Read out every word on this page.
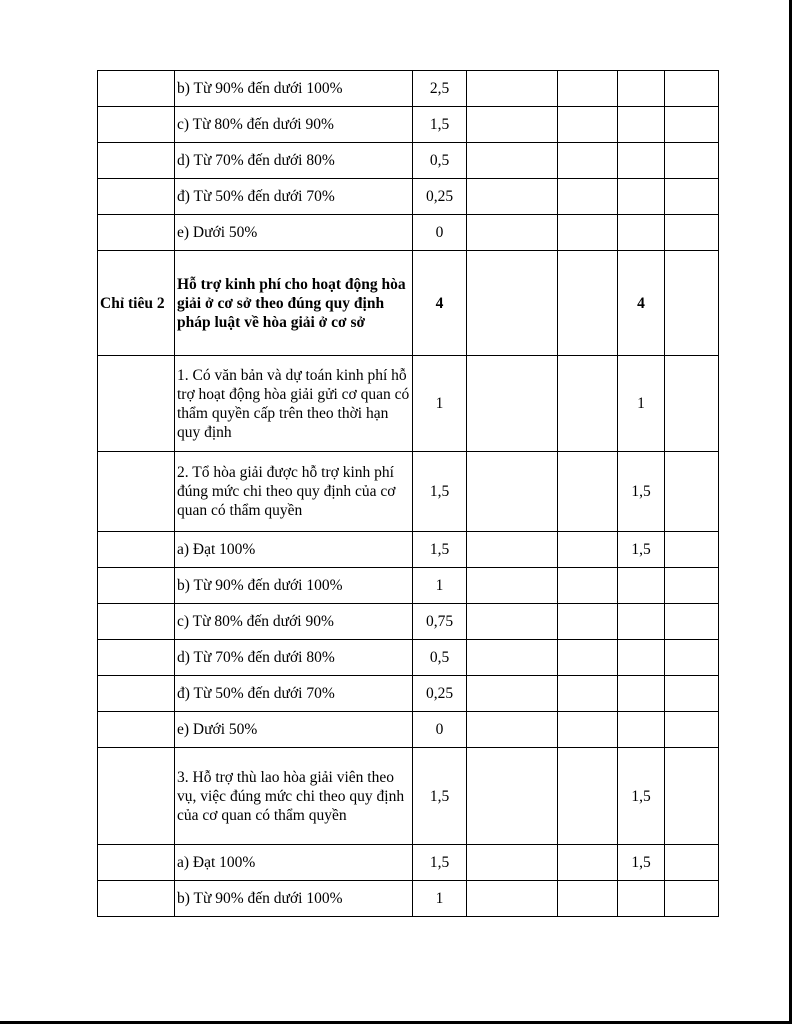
	b) Từ 90% đến dưới 100%	2,5				
	c) Từ 80% đến dưới 90%	1,5				
	d) Từ 70% đến dưới 80%	0,5				
	đ) Từ 50% đến dưới 70%	0,25				
	e) Dưới 50%	0				
Chỉ tiêu 2	Hỗ trợ kinh phí cho hoạt động hòa giải ở cơ sở theo đúng quy định pháp luật về hòa giải ở cơ sở	4			4	
	1. Có văn bản và dự toán kinh phí hỗ trợ hoạt động hòa giải gửi cơ quan có thẩm quyền cấp trên theo thời hạn quy định	1			1	
	2. Tổ hòa giải được hỗ trợ kinh phí đúng mức chi theo quy định của cơ quan có thẩm quyền	1,5			1,5	
	a) Đạt 100%	1,5			1,5	
	b) Từ 90% đến dưới 100%	1				
	c) Từ 80% đến dưới 90%	0,75				
	d) Từ 70% đến dưới 80%	0,5				
	đ) Từ 50% đến dưới 70%	0,25				
	e) Dưới 50%	0				
	3. Hỗ trợ thù lao hòa giải viên theo vụ, việc đúng mức chi theo quy định của cơ quan có thẩm quyền	1,5			1,5	
	a) Đạt 100%	1,5			1,5	
	b) Từ 90% đến dưới 100%	1				
